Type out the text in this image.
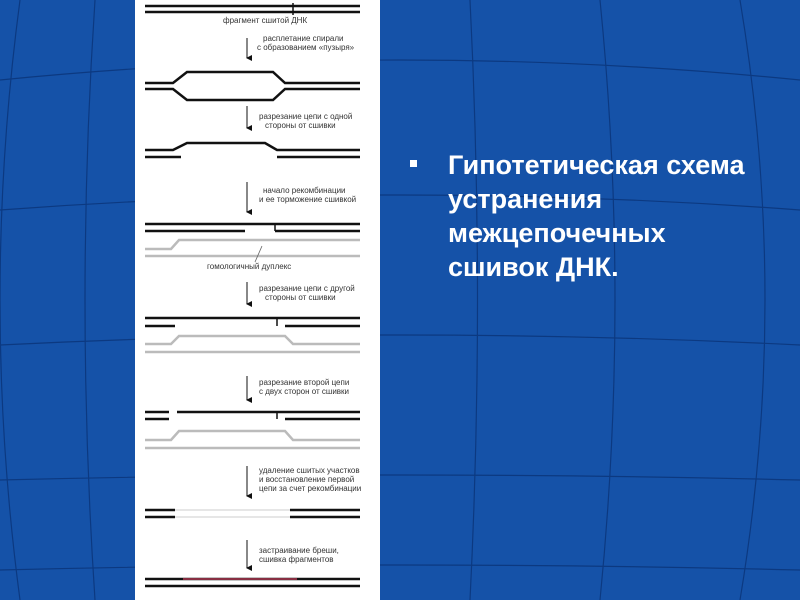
фрагмент сшитой ДНК
расплетание спирали
с образованием «пузыря»
разрезание цепи с одной
стороны от сшивки
начало рекомбинации
и ее торможение сшивкой
гомологичный дуплекс
разрезание цепи с другой
стороны от сшивки
разрезание второй цепи
с двух сторон от сшивки
удаление сшитых участков
и восстановление первой
цепи за счет рекомбинации
застраивание бреши,
сшивка фрагментов
Гипотетическая схема устранения межцепочечных сшивок ДНК.
